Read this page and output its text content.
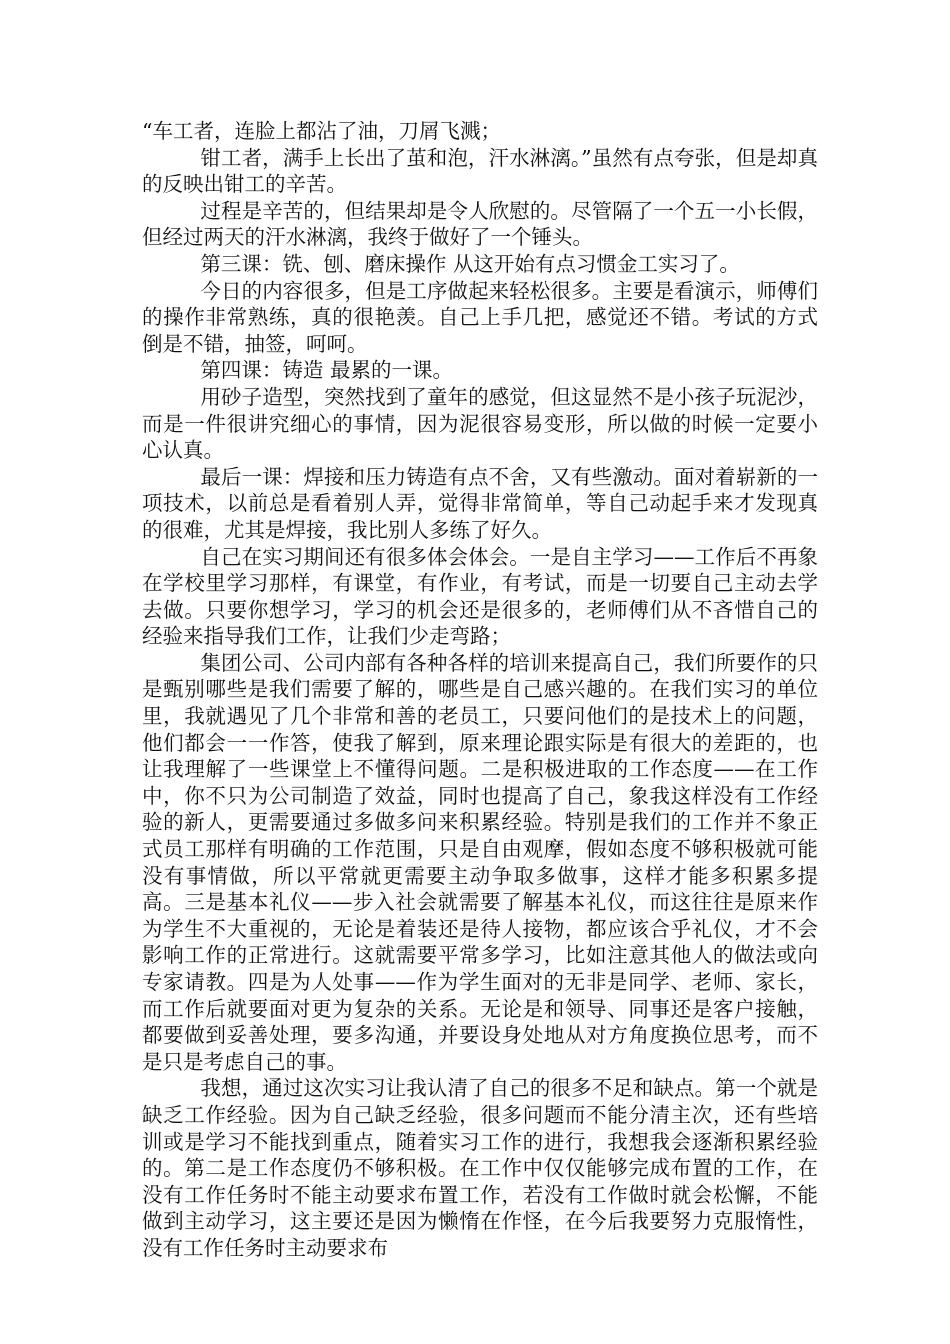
“车工者，连脸上都沾了油，刀屑飞溅；

钳工者，满手上长出了茧和泡，汗水淋漓。”虽然有点夸张，但是却真的反映出钳工的辛苦。

过程是辛苦的，但结果却是令人欣慰的。尽管隔了一个五一小长假，但经过两天的汗水淋漓，我终于做好了一个锤头。

第三课：铣、刨、磨床操作 从这开始有点习惯金工实习了。

今日的内容很多，但是工序做起来轻松很多。主要是看演示，师傅们的操作非常熟练，真的很艳羡。自己上手几把，感觉还不错。考试的方式倒是不错，抽签，呵呵。

第四课：铸造 最累的一课。

用砂子造型，突然找到了童年的感觉，但这显然不是小孩子玩泥沙，而是一件很讲究细心的事情，因为泥很容易变形，所以做的时候一定要小心认真。

最后一课：焊接和压力铸造有点不舍，又有些激动。面对着崭新的一项技术，以前总是看着别人弄，觉得非常简单，等自己动起手来才发现真的很难，尤其是焊接，我比别人多练了好久。

自己在实习期间还有很多体会体会。一是自主学习——工作后不再象在学校里学习那样，有课堂，有作业，有考试，而是一切要自己主动去学去做。只要你想学习，学习的机会还是很多的，老师傅们从不吝惜自己的经验来指导我们工作，让我们少走弯路；

集团公司、公司内部有各种各样的培训来提高自己，我们所要作的只是甄别哪些是我们需要了解的，哪些是自己感兴趣的。在我们实习的单位里，我就遇见了几个非常和善的老员工，只要问他们的是技术上的问题，他们都会一一作答，使我了解到，原来理论跟实际是有很大的差距的，也让我理解了一些课堂上不懂得问题。二是积极进取的工作态度——在工作中，你不只为公司制造了效益，同时也提高了自己，象我这样没有工作经验的新人，更需要通过多做多问来积累经验。特别是我们的工作并不象正式员工那样有明确的工作范围，只是自由观摩，假如态度不够积极就可能没有事情做，所以平常就更需要主动争取多做事，这样才能多积累多提高。三是基本礼仪——步入社会就需要了解基本礼仪，而这往往是原来作为学生不大重视的，无论是着装还是待人接物，都应该合乎礼仪，才不会影响工作的正常进行。这就需要平常多学习，比如注意其他人的做法或向专家请教。四是为人处事——作为学生面对的无非是同学、老师、家长，而工作后就要面对更为复杂的关系。无论是和领导、同事还是客户接触，都要做到妥善处理，要多沟通，并要设身处地从对方角度换位思考，而不是只是考虑自己的事。

我想，通过这次实习让我认清了自己的很多不足和缺点。第一个就是缺乏工作经验。因为自己缺乏经验，很多问题而不能分清主次，还有些培训或是学习不能找到重点，随着实习工作的进行，我想我会逐渐积累经验的。第二是工作态度仍不够积极。在工作中仅仅能够完成布置的工作，在没有工作任务时不能主动要求布置工作，若没有工作做时就会松懈，不能做到主动学习，这主要还是因为懒惰在作怪，在今后我要努力克服惰性，没有工作任务时主动要求布
